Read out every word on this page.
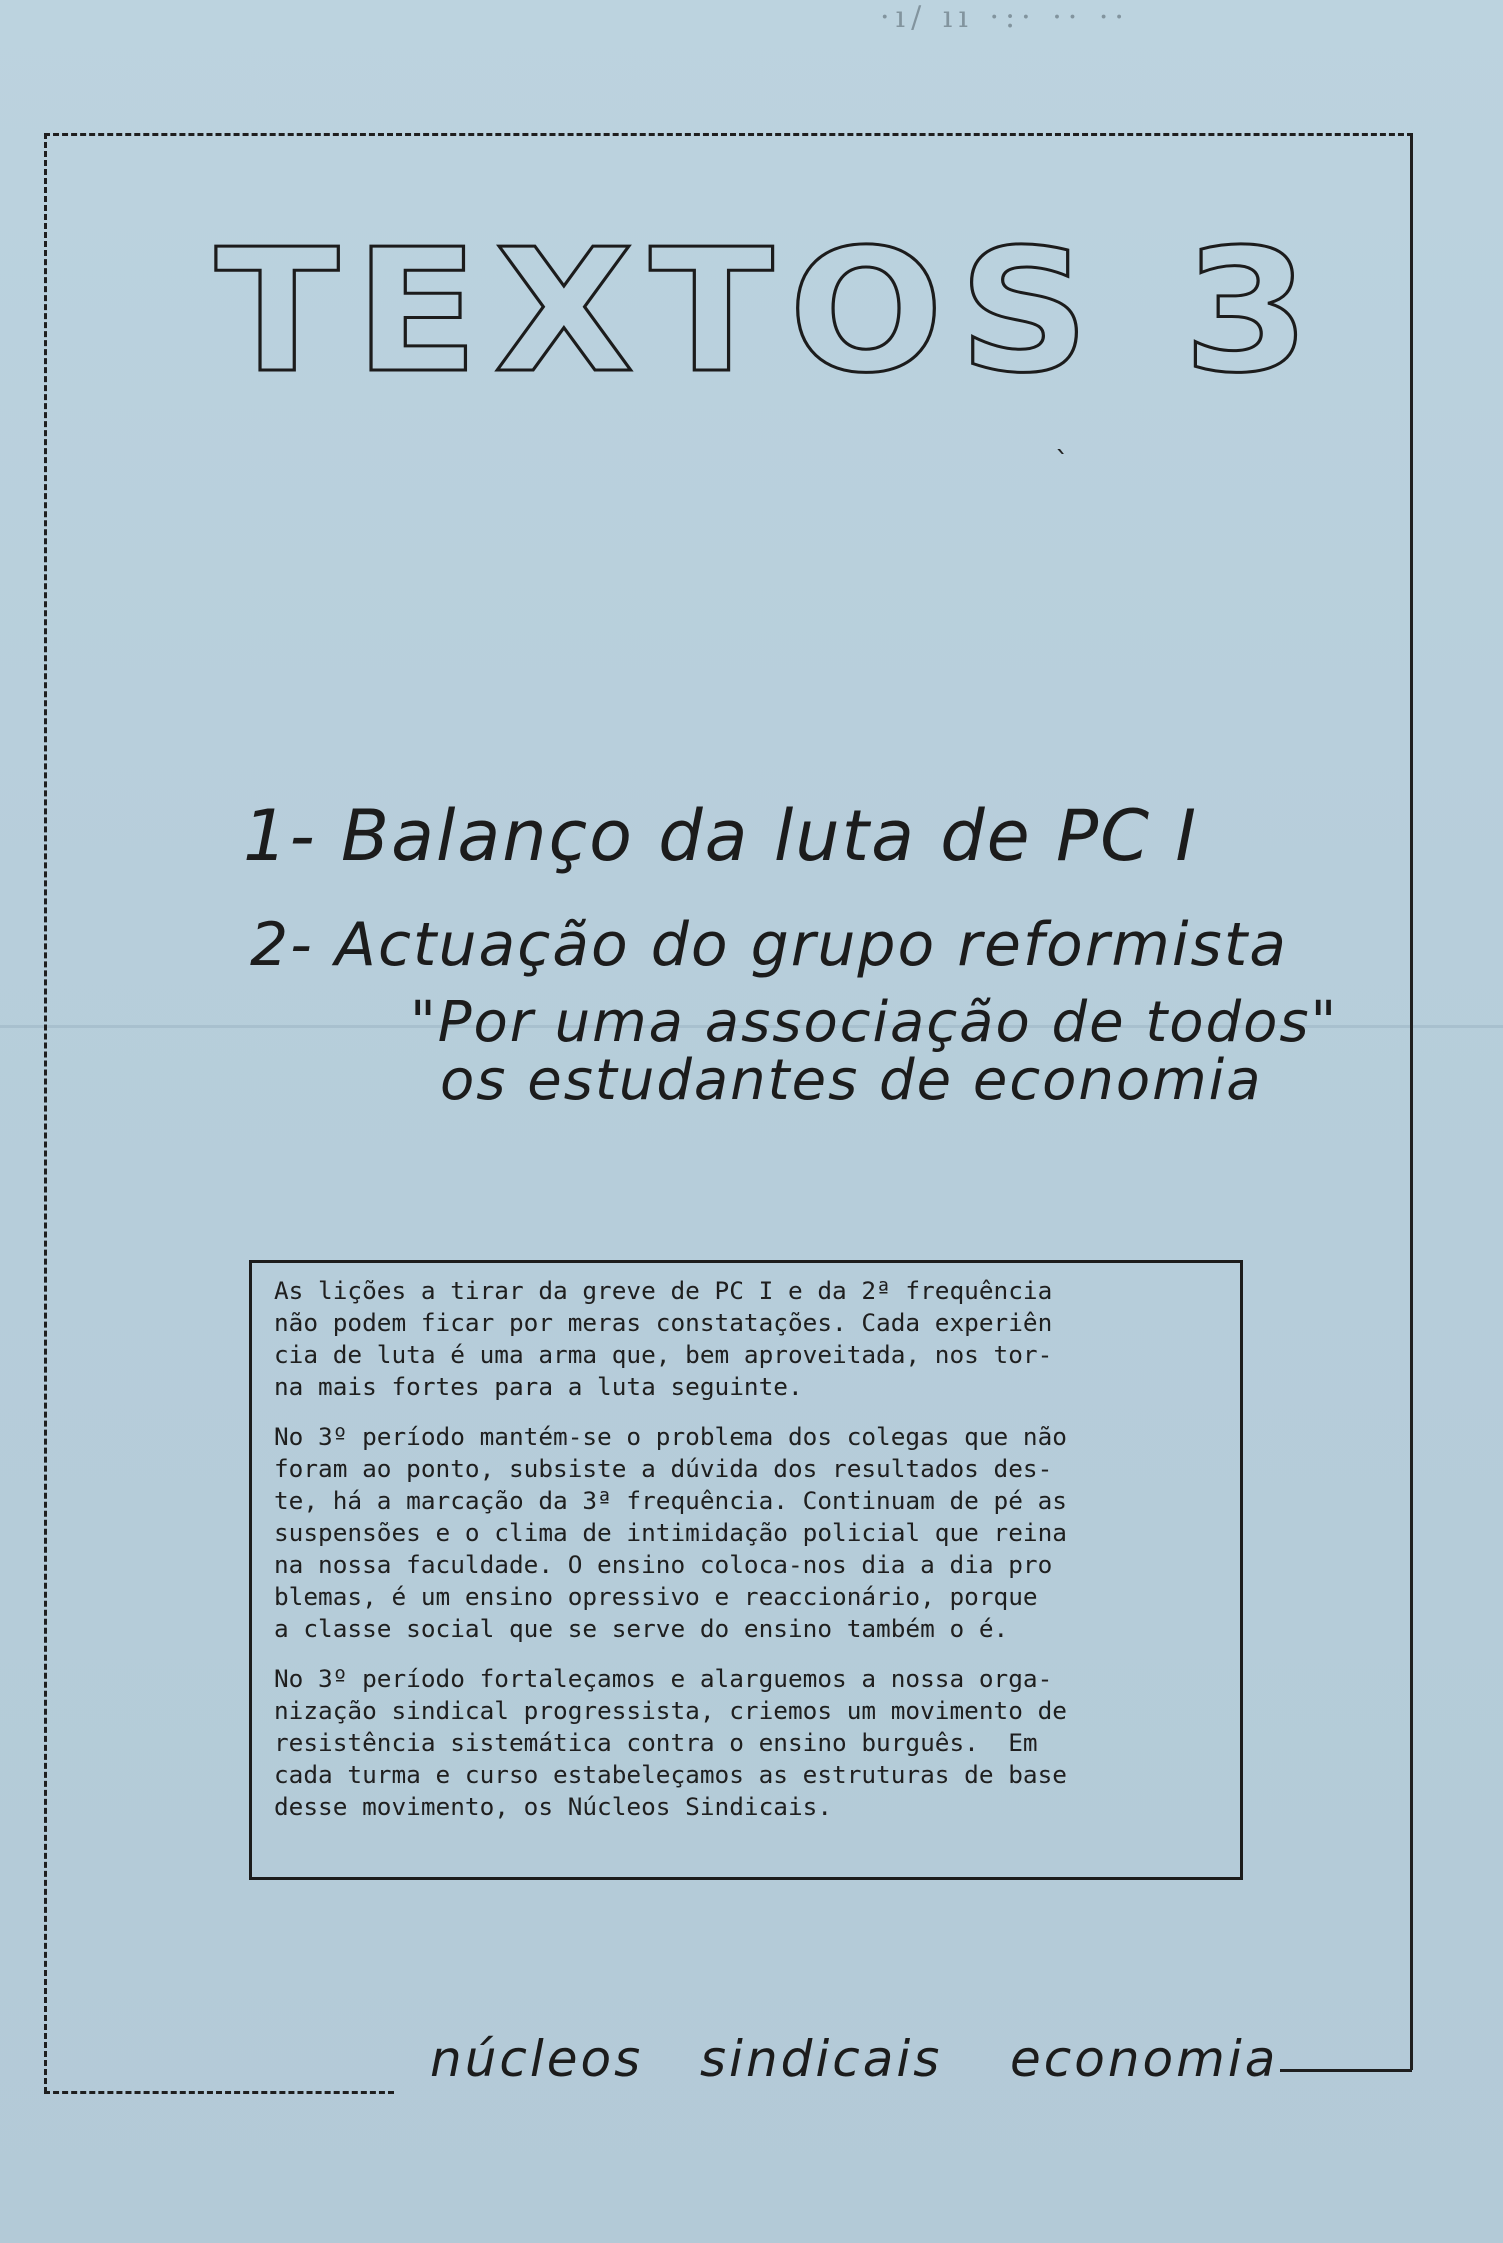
·ı/ ıı ·:· ·· ··
TEXTOS 3
1- Balanço da luta de PC I
2- Actuação do grupo reformista
"Por uma associação de todos"
os estudantes de economia

As lições a tirar da greve de PC I e da 2ª frequência
não podem ficar por meras constatações. Cada experiên
cia de luta é uma arma que, bem aproveitada, nos tor-
na mais fortes para a luta seguinte.

No 3º período mantém-se o problema dos colegas que não
foram ao ponto, subsiste a dúvida dos resultados des-
te, há a marcação da 3ª frequência. Continuam de pé as
suspensões e o clima de intimidação policial que reina
na nossa faculdade. O ensino coloca-nos dia a dia pro
blemas, é um ensino opressivo e reaccionário, porque
a classe social que se serve do ensino também o é.

No 3º período fortaleçamos e alarguemos a nossa orga-
nização sindical progressista, criemos um movimento de
resistência sistemática contra o ensino burguês.  Em
cada turma e curso estabeleçamos as estruturas de base
desse movimento, os Núcleos Sindicais.

núcleos sindicais economia
